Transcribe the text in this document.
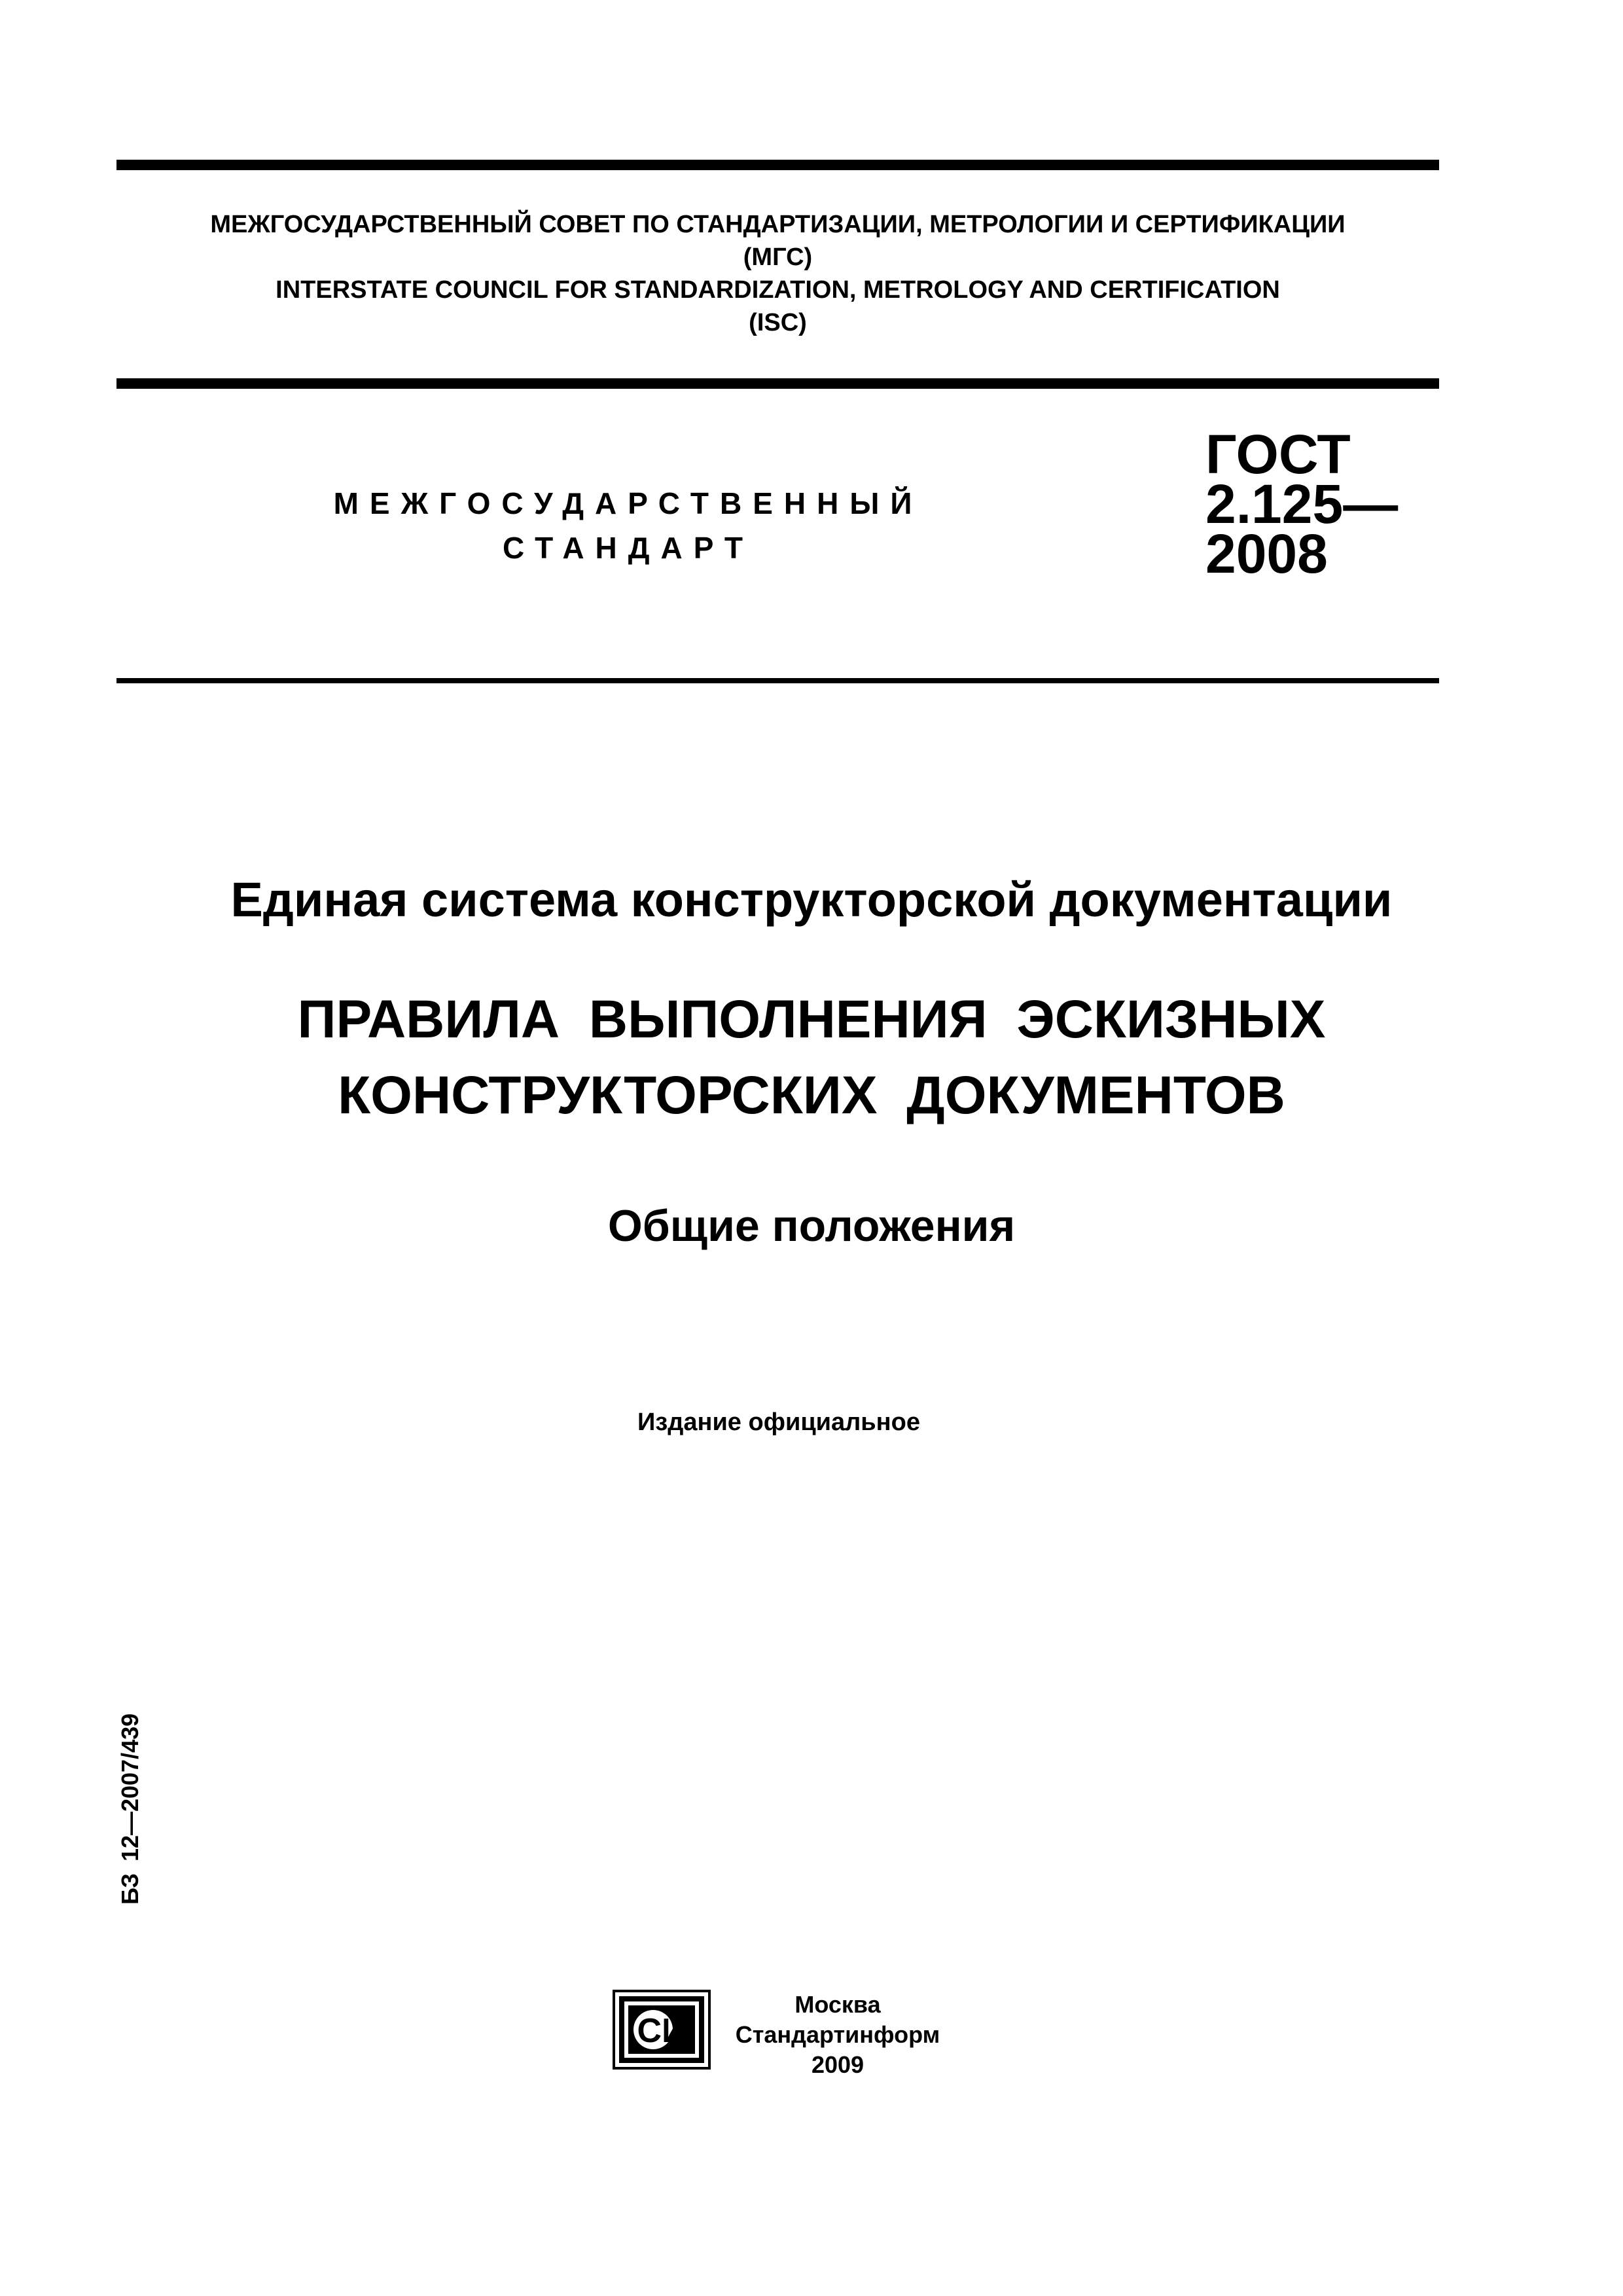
МЕЖГОСУДАРСТВЕННЫЙ СОВЕТ ПО СТАНДАРТИЗАЦИИ, МЕТРОЛОГИИ И СЕРТИФИКАЦИИ
(МГС)
INTERSTATE COUNCIL FOR STANDARDIZATION, METROLOGY AND CERTIFICATION
(ISC)
МЕЖГОСУДАРСТВЕННЫЙ
СТАНДАРТ
ГОСТ
2.125—
2008
Единая система конструкторской документации
ПРАВИЛА ВЫПОЛНЕНИЯ ЭСКИЗНЫХ
КОНСТРУКТОРСКИХ ДОКУМЕНТОВ
Общие положения
Издание официальное
БЗ 12—2007/439
СИ
Москва
Стандартинформ
2009
